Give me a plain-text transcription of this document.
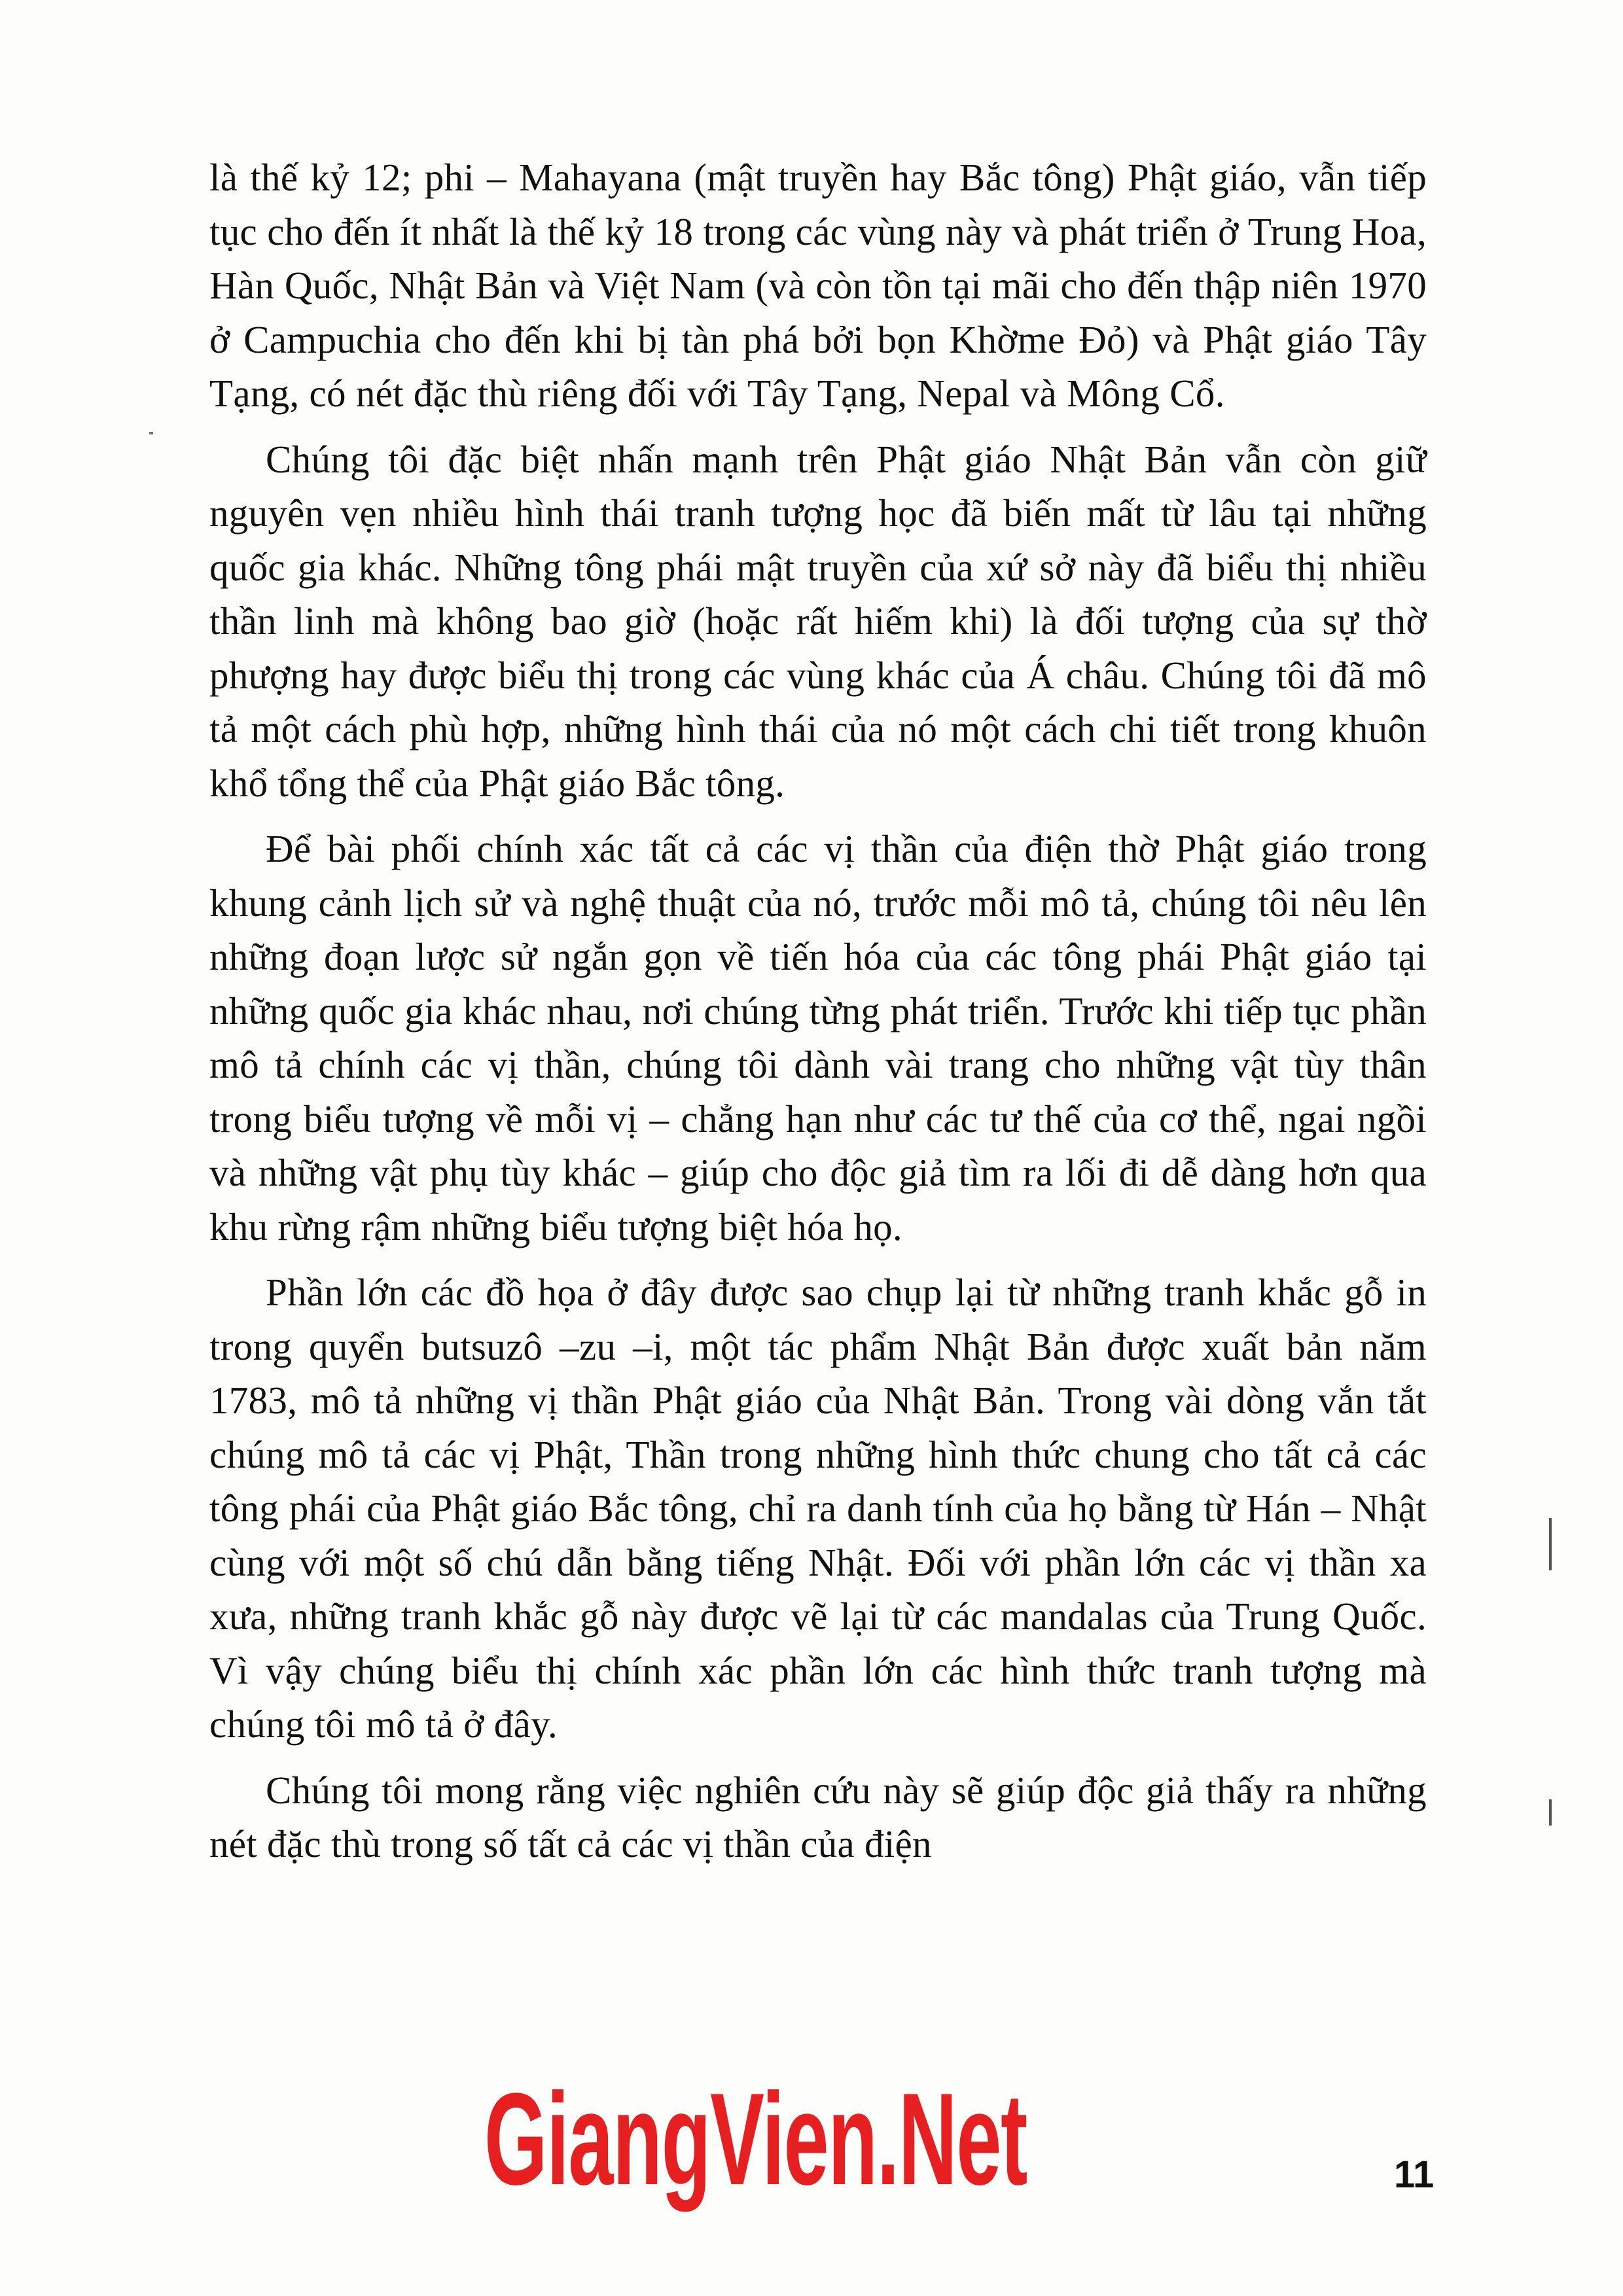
là thế kỷ 12; phi – Mahayana (mật truyền hay Bắc tông) Phật giáo, vẫn tiếp tục cho đến ít nhất là thế kỷ 18 trong các vùng này và phát triển ở Trung Hoa, Hàn Quốc, Nhật Bản và Việt Nam (và còn tồn tại mãi cho đến thập niên 1970 ở Campuchia cho đến khi bị tàn phá bởi bọn Khờme Đỏ) và Phật giáo Tây Tạng, có nét đặc thù riêng đối với Tây Tạng, Nepal và Mông Cổ.

Chúng tôi đặc biệt nhấn mạnh trên Phật giáo Nhật Bản vẫn còn giữ nguyên vẹn nhiều hình thái tranh tượng học đã biến mất từ lâu tại những quốc gia khác. Những tông phái mật truyền của xứ sở này đã biểu thị nhiều thần linh mà không bao giờ (hoặc rất hiếm khi) là đối tượng của sự thờ phượng hay được biểu thị trong các vùng khác của Á châu. Chúng tôi đã mô tả một cách phù hợp, những hình thái của nó một cách chi tiết trong khuôn khổ tổng thể của Phật giáo Bắc tông.

Để bài phối chính xác tất cả các vị thần của điện thờ Phật giáo trong khung cảnh lịch sử và nghệ thuật của nó, trước mỗi mô tả, chúng tôi nêu lên những đoạn lược sử ngắn gọn về tiến hóa của các tông phái Phật giáo tại những quốc gia khác nhau, nơi chúng từng phát triển. Trước khi tiếp tục phần mô tả chính các vị thần, chúng tôi dành vài trang cho những vật tùy thân trong biểu tượng về mỗi vị – chẳng hạn như các tư thế của cơ thể, ngai ngồi và những vật phụ tùy khác – giúp cho độc giả tìm ra lối đi dễ dàng hơn qua khu rừng rậm những biểu tượng biệt hóa họ.

Phần lớn các đồ họa ở đây được sao chụp lại từ những tranh khắc gỗ in trong quyển butsuzô –zu –i, một tác phẩm Nhật Bản được xuất bản năm 1783, mô tả những vị thần Phật giáo của Nhật Bản. Trong vài dòng vắn tắt chúng mô tả các vị Phật, Thần trong những hình thức chung cho tất cả các tông phái của Phật giáo Bắc tông, chỉ ra danh tính của họ bằng từ Hán – Nhật cùng với một số chú dẫn bằng tiếng Nhật. Đối với phần lớn các vị thần xa xưa, những tranh khắc gỗ này được vẽ lại từ các mandalas của Trung Quốc. Vì vậy chúng biểu thị chính xác phần lớn các hình thức tranh tượng mà chúng tôi mô tả ở đây.

Chúng tôi mong rằng việc nghiên cứu này sẽ giúp độc giả thấy ra những nét đặc thù trong số tất cả các vị thần của điện

GiangVien.Net	11
